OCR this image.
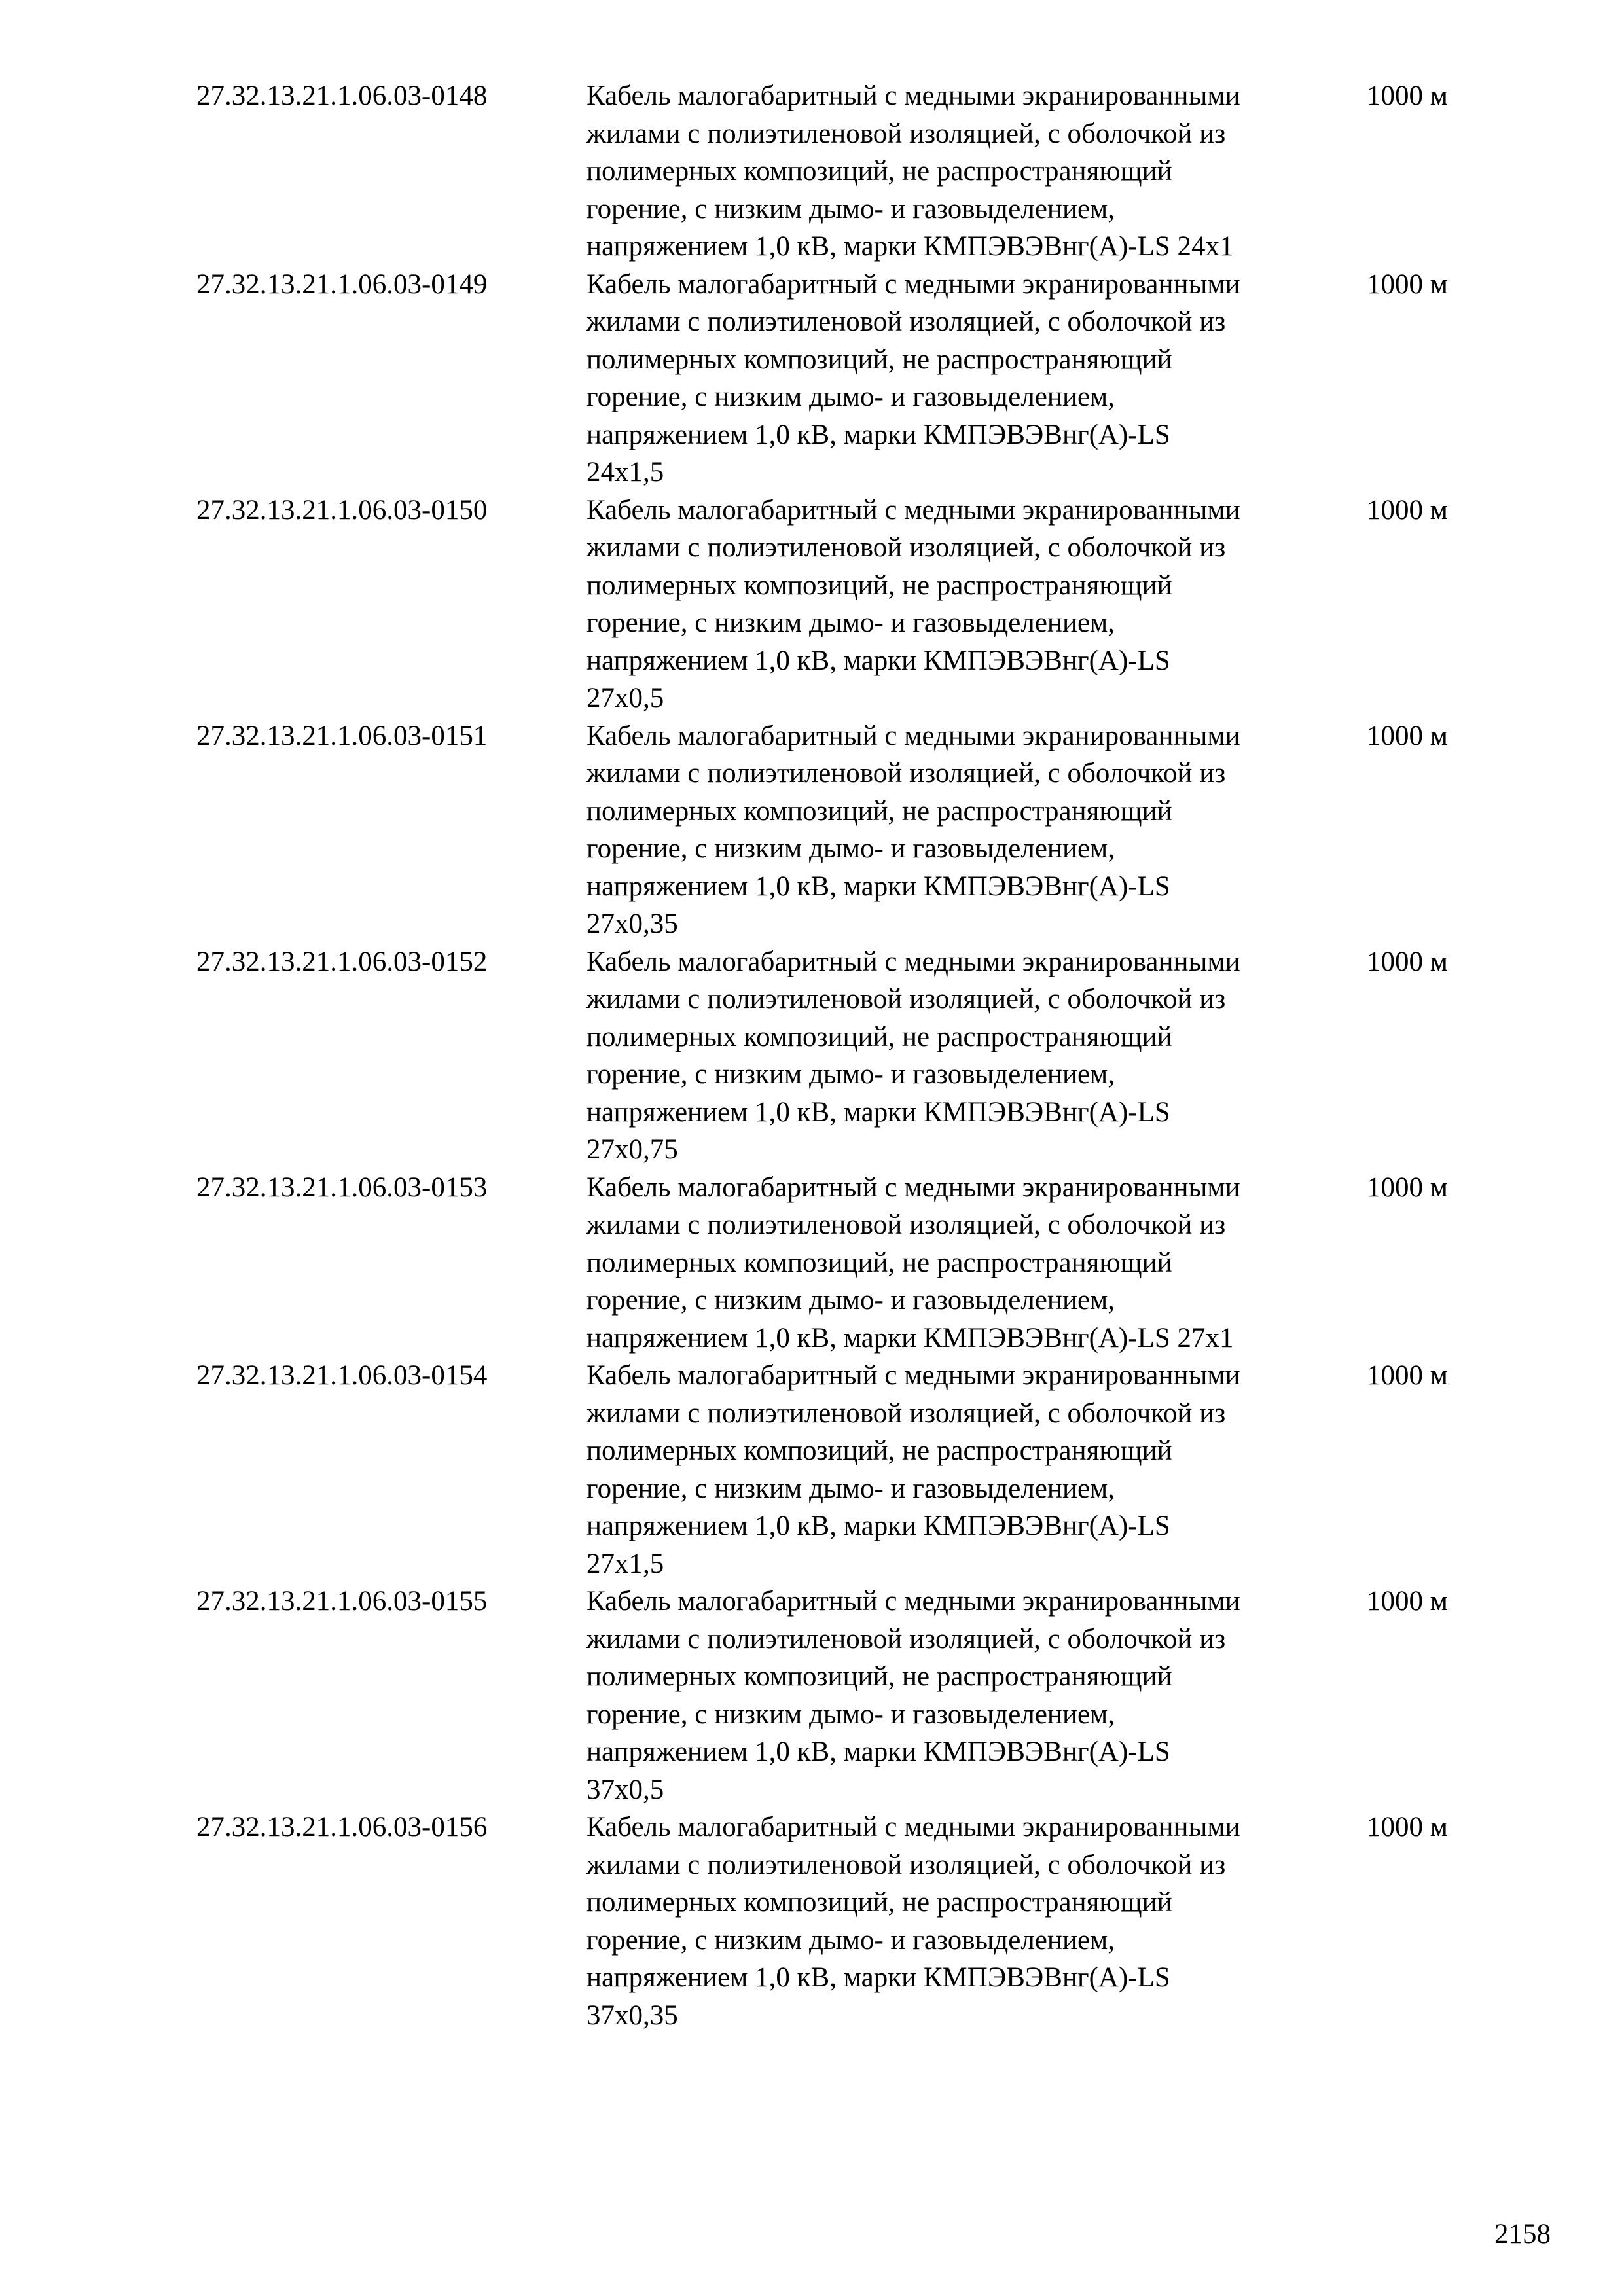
27.32.13.21.1.06.03-0148	Кабель малогабаритный с медными экранированными
жилами с полиэтиленовой изоляцией, с оболочкой из
полимерных композиций, не распространяющий
горение, с низким дымо- и газовыделением,
напряжением 1,0 кВ, марки КМПЭВЭВнг(A)-LS 24x1
1000 м
27.32.13.21.1.06.03-0149	Кабель малогабаритный с медными экранированными
жилами с полиэтиленовой изоляцией, с оболочкой из
полимерных композиций, не распространяющий
горение, с низким дымо- и газовыделением,
напряжением 1,0 кВ, марки КМПЭВЭВнг(A)-LS
24x1,5
1000 м
27.32.13.21.1.06.03-0150	Кабель малогабаритный с медными экранированными
жилами с полиэтиленовой изоляцией, с оболочкой из
полимерных композиций, не распространяющий
горение, с низким дымо- и газовыделением,
напряжением 1,0 кВ, марки КМПЭВЭВнг(A)-LS
27x0,5
1000 м
27.32.13.21.1.06.03-0151	Кабель малогабаритный с медными экранированными
жилами с полиэтиленовой изоляцией, с оболочкой из
полимерных композиций, не распространяющий
горение, с низким дымо- и газовыделением,
напряжением 1,0 кВ, марки КМПЭВЭВнг(A)-LS
27x0,35
1000 м
27.32.13.21.1.06.03-0152	Кабель малогабаритный с медными экранированными
жилами с полиэтиленовой изоляцией, с оболочкой из
полимерных композиций, не распространяющий
горение, с низким дымо- и газовыделением,
напряжением 1,0 кВ, марки КМПЭВЭВнг(A)-LS
27x0,75
1000 м
27.32.13.21.1.06.03-0153	Кабель малогабаритный с медными экранированными
жилами с полиэтиленовой изоляцией, с оболочкой из
полимерных композиций, не распространяющий
горение, с низким дымо- и газовыделением,
напряжением 1,0 кВ, марки КМПЭВЭВнг(A)-LS 27x1
1000 м
27.32.13.21.1.06.03-0154	Кабель малогабаритный с медными экранированными
жилами с полиэтиленовой изоляцией, с оболочкой из
полимерных композиций, не распространяющий
горение, с низким дымо- и газовыделением,
напряжением 1,0 кВ, марки КМПЭВЭВнг(A)-LS
27x1,5
1000 м
27.32.13.21.1.06.03-0155	Кабель малогабаритный с медными экранированными
жилами с полиэтиленовой изоляцией, с оболочкой из
полимерных композиций, не распространяющий
горение, с низким дымо- и газовыделением,
напряжением 1,0 кВ, марки КМПЭВЭВнг(A)-LS
37x0,5
1000 м
27.32.13.21.1.06.03-0156	Кабель малогабаритный с медными экранированными
жилами с полиэтиленовой изоляцией, с оболочкой из
полимерных композиций, не распространяющий
горение, с низким дымо- и газовыделением,
напряжением 1,0 кВ, марки КМПЭВЭВнг(A)-LS
37x0,35
1000 м
2158
